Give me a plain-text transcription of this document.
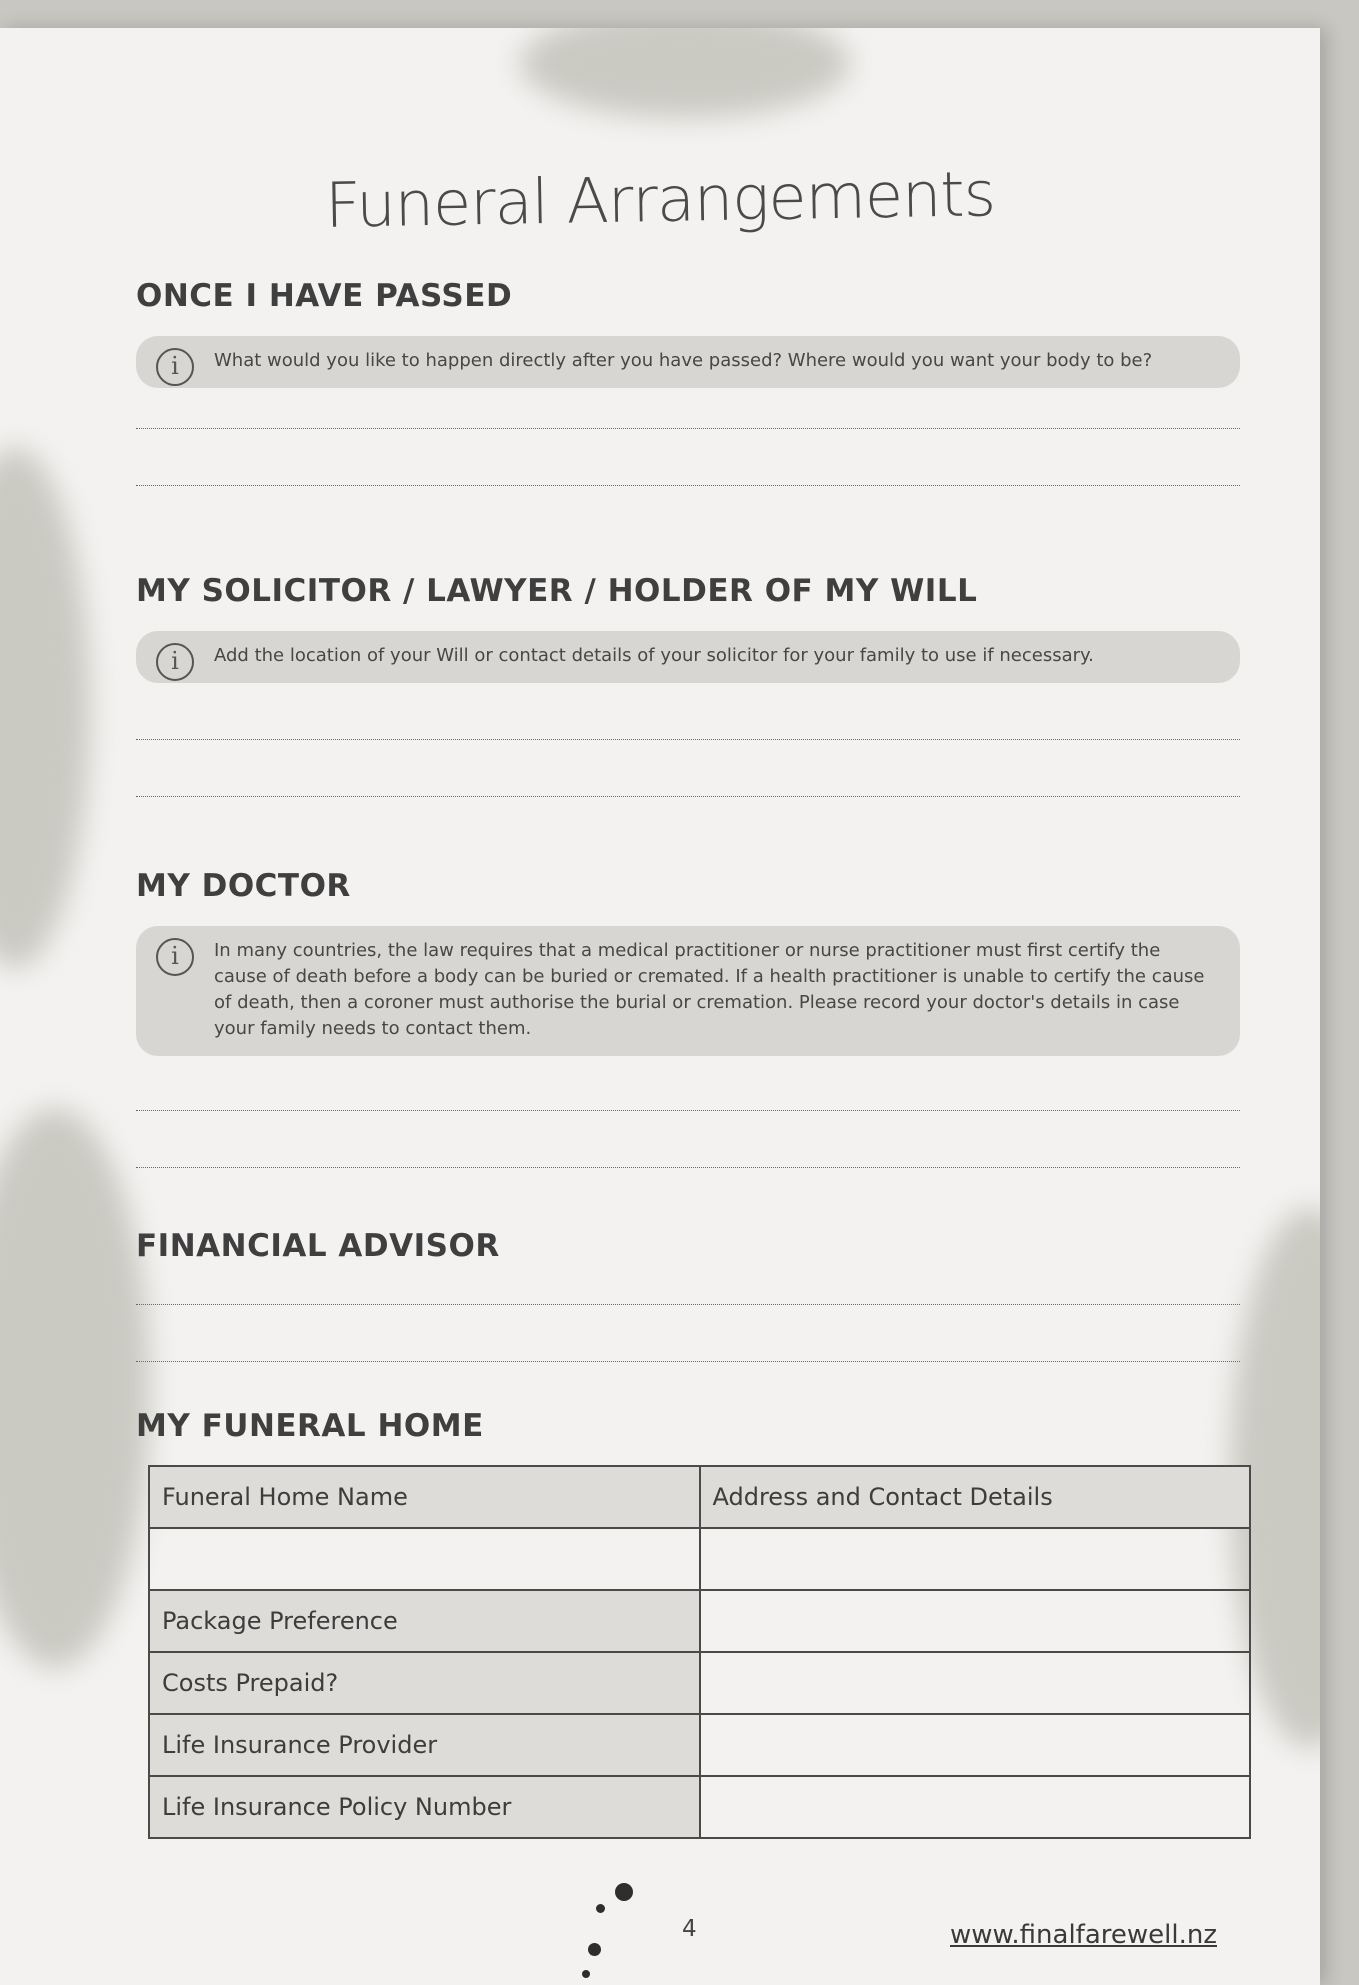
Funeral Arrangements
ONCE I HAVE PASSED
i	What would you like to happen directly after you have passed? Where would you want your body to be?
MY SOLICITOR / LAWYER / HOLDER OF MY WILL
i	Add the location of your Will or contact details of your solicitor for your family to use if necessary.
MY DOCTOR
i	In many countries, the law requires that a medical practitioner or nurse practitioner must first certify the cause of death before a body can be buried or cremated. If a health practitioner is unable to certify the cause of death, then a coroner must authorise the burial or cremation. Please record your doctor's details in case your family needs to contact them.
FINANCIAL ADVISOR
MY FUNERAL HOME
Funeral Home Name	Address and Contact Details

Package Preference	
Costs Prepaid?	
Life Insurance Provider	
Life Insurance Policy Number	
4	www.finalfarewell.nz
